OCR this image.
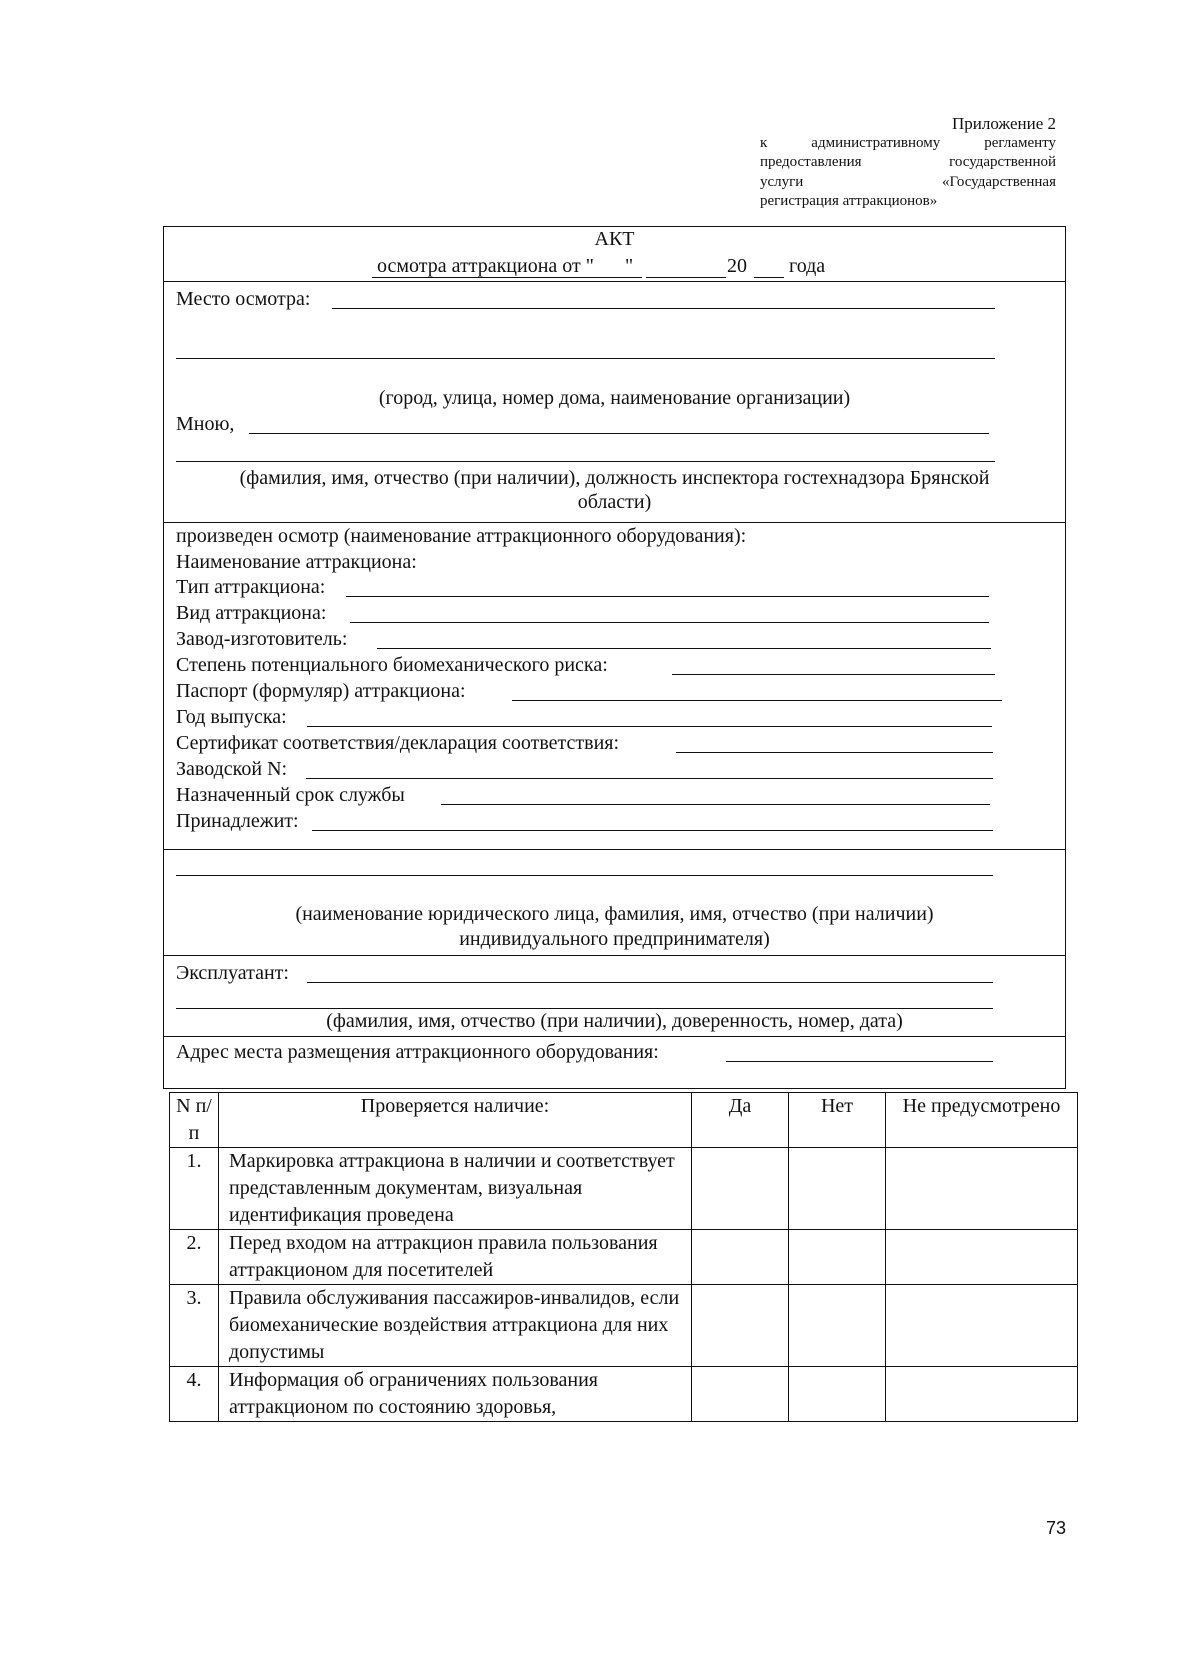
Приложение 2
к административному регламенту
предоставления государственной
услуги «Государственная
регистрация аттракционов»
АКТ
осмотра аттракциона от " "	20 года
Место осмотра:
(город, улица, номер дома, наименование организации)
Мною,
(фамилия, имя, отчество (при наличии), должность инспектора гостехнадзора Брянской
области)
произведен осмотр (наименование аттракционного оборудования):
Наименование аттракциона:
Тип аттракциона:
Вид аттракциона:
Завод-изготовитель:
Степень потенциального биомеханического риска:
Паспорт (формуляр) аттракциона:
Год выпуска:
Сертификат соответствия/декларация соответствия:
Заводской N:
Назначенный срок службы
Принадлежит:
(наименование юридического лица, фамилия, имя, отчество (при наличии)
индивидуального предпринимателя)
Эксплуатант:
(фамилия, имя, отчество (при наличии), доверенность, номер, дата)
Адрес места размещения аттракционного оборудования:
N п/п	Проверяется наличие:	Да	Нет	Не предусмотрено
1.	Маркировка аттракциона в наличии и соответствует представленным документам, визуальная идентификация проведена			
2.	Перед входом на аттракцион правила пользования аттракционом для посетителей			
3.	Правила обслуживания пассажиров-инвалидов, если биомеханические воздействия аттракциона для них допустимы			
4.	Информация об ограничениях пользования аттракционом по состоянию здоровья,			
73
